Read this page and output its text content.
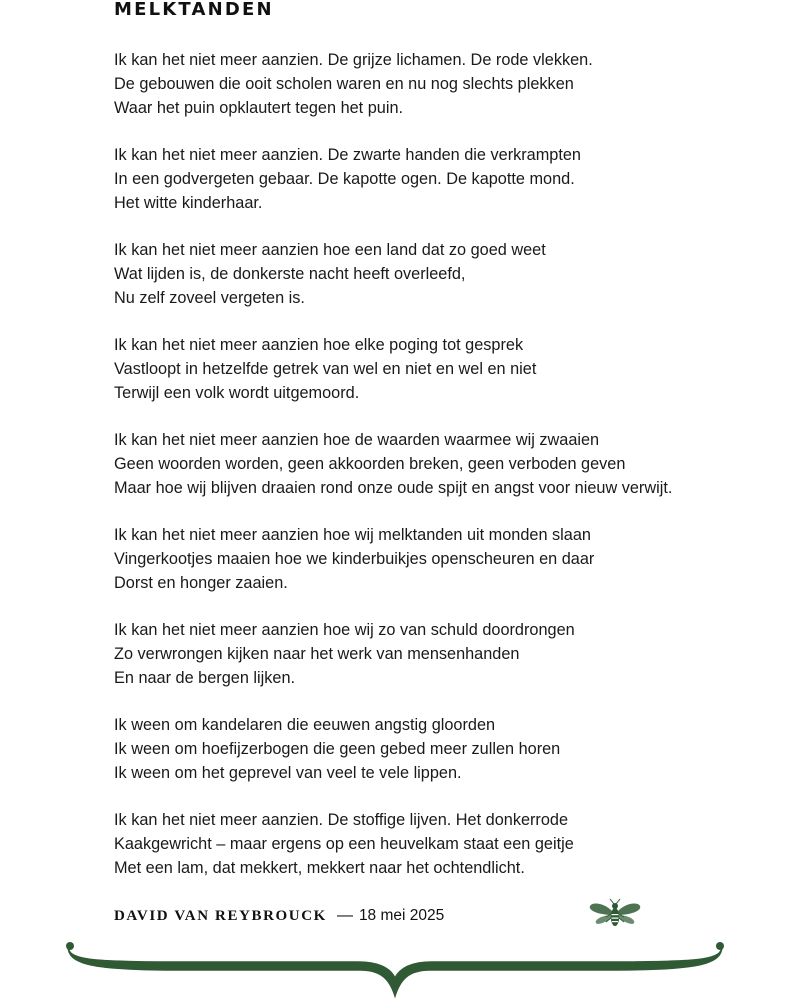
MELKTANDEN
Ik kan het niet meer aanzien. De grijze lichamen. De rode vlekken.
De gebouwen die ooit scholen waren en nu nog slechts plekken
Waar het puin opklautert tegen het puin.
Ik kan het niet meer aanzien. De zwarte handen die verkrampten
In een godvergeten gebaar. De kapotte ogen. De kapotte mond.
Het witte kinderhaar.
Ik kan het niet meer aanzien hoe een land dat zo goed weet
Wat lijden is, de donkerste nacht heeft overleefd,
Nu zelf zoveel vergeten is.
Ik kan het niet meer aanzien hoe elke poging tot gesprek
Vastloopt in hetzelfde getrek van wel en niet en wel en niet
Terwijl een volk wordt uitgemoord.
Ik kan het niet meer aanzien hoe de waarden waarmee wij zwaaien
Geen woorden worden, geen akkoorden breken, geen verboden geven
Maar hoe wij blijven draaien rond onze oude spijt en angst voor nieuw verwijt.
Ik kan het niet meer aanzien hoe wij melktanden uit monden slaan
Vingerkootjes maaien hoe we kinderbuikjes openscheuren en daar
Dorst en honger zaaien.
Ik kan het niet meer aanzien hoe wij zo van schuld doordrongen
Zo verwrongen kijken naar het werk van mensenhanden
En naar de bergen lijken.
Ik ween om kandelaren die eeuwen angstig gloorden
Ik ween om hoefijzerbogen die geen gebed meer zullen horen
Ik ween om het geprevel van veel te vele lippen.
Ik kan het niet meer aanzien. De stoffige lijven. Het donkerrode
Kaakgewricht – maar ergens op een heuvelkam staat een geitje
Met een lam, dat mekkert, mekkert naar het ochtendlicht.
DAVID VAN REYBROUCK — 18 mei 2025
